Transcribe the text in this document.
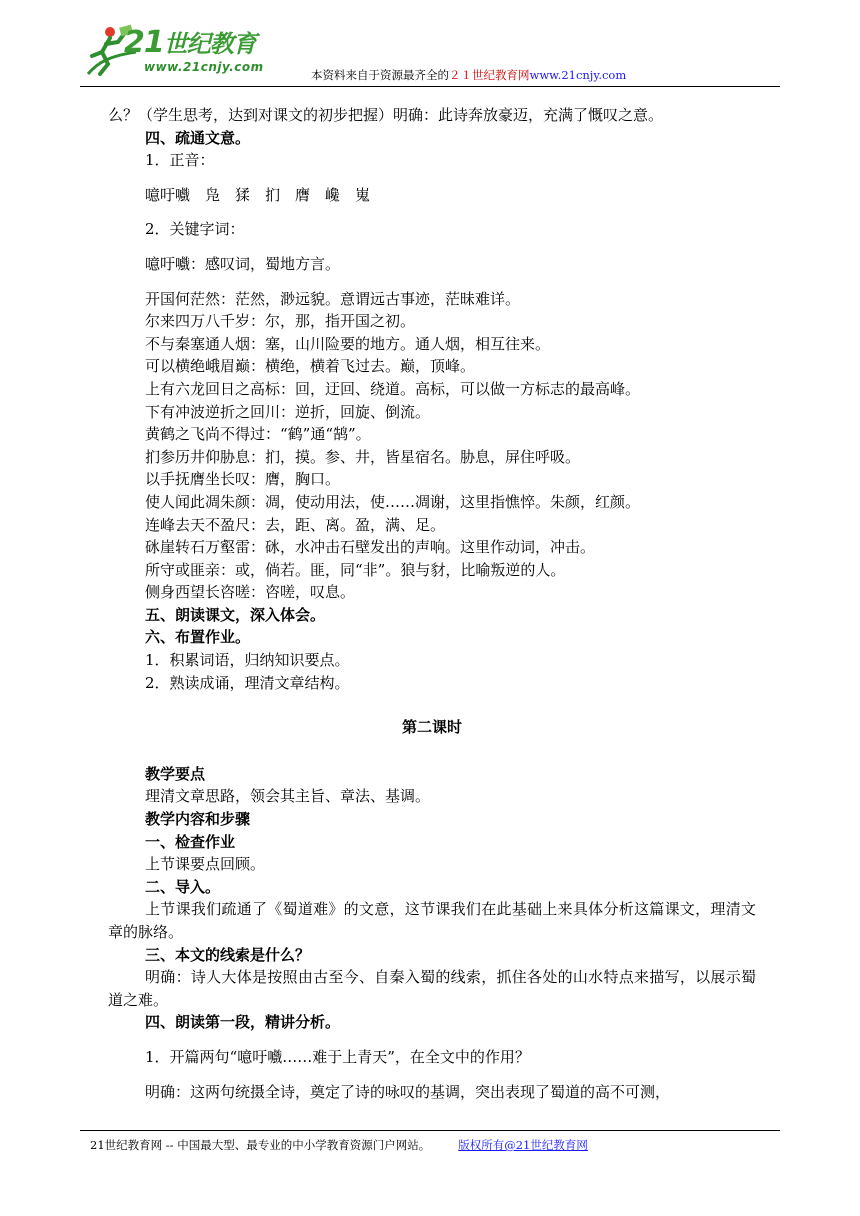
21世纪教育
www.21cnjy.com
本资料来自于资源最齐全的２１世纪教育网www.21cnjy.com
么？（学生思考，达到对课文的初步把握）明确：此诗奔放豪迈，充满了慨叹之意。
四、疏通文意。
1．正音：
噫吁嚱　凫　猱　扪　膺　巉　嵬
2．关键字词：
噫吁嚱：感叹词，蜀地方言。
开国何茫然：茫然，渺远貌。意谓远古事迹，茫昧难详。
尔来四万八千岁：尔，那，指开国之初。
不与秦塞通人烟：塞，山川险要的地方。通人烟，相互往来。
可以横绝峨眉巅：横绝，横着飞过去。巅，顶峰。
上有六龙回日之高标：回，迂回、绕道。高标，可以做一方标志的最高峰。
下有冲波逆折之回川：逆折，回旋、倒流。
黄鹤之飞尚不得过：“鹤”通“鹄”。
扪参历井仰胁息：扪，摸。参、井，皆星宿名。胁息，屏住呼吸。
以手抚膺坐长叹：膺，胸口。
使人闻此凋朱颜：凋，使动用法，使……凋谢，这里指憔悴。朱颜，红颜。
连峰去天不盈尺：去，距、离。盈，满、足。
砯崖转石万壑雷：砯，水冲击石壁发出的声响。这里作动词，冲击。
所守或匪亲：或，倘若。匪，同“非”。狼与豺，比喻叛逆的人。
侧身西望长咨嗟：咨嗟，叹息。
五、朗读课文，深入体会。
六、布置作业。
1．积累词语，归纳知识要点。
2．熟读成诵，理清文章结构。
第二课时
教学要点
理清文章思路，领会其主旨、章法、基调。
教学内容和步骤
一、检查作业
上节课要点回顾。
二、导入。
上节课我们疏通了《蜀道难》的文意，这节课我们在此基础上来具体分析这篇课文，理清文章的脉络。
三、本文的线索是什么？
明确：诗人大体是按照由古至今、自秦入蜀的线索，抓住各处的山水特点来描写，以展示蜀道之难。
四、朗读第一段，精讲分析。
1．开篇两句“噫吁嚱……难于上青天”，在全文中的作用？
明确：这两句统摄全诗，奠定了诗的咏叹的基调，突出表现了蜀道的高不可测，
21世纪教育网 -- 中国最大型、最专业的中小学教育资源门户网站。 版权所有@21世纪教育网
